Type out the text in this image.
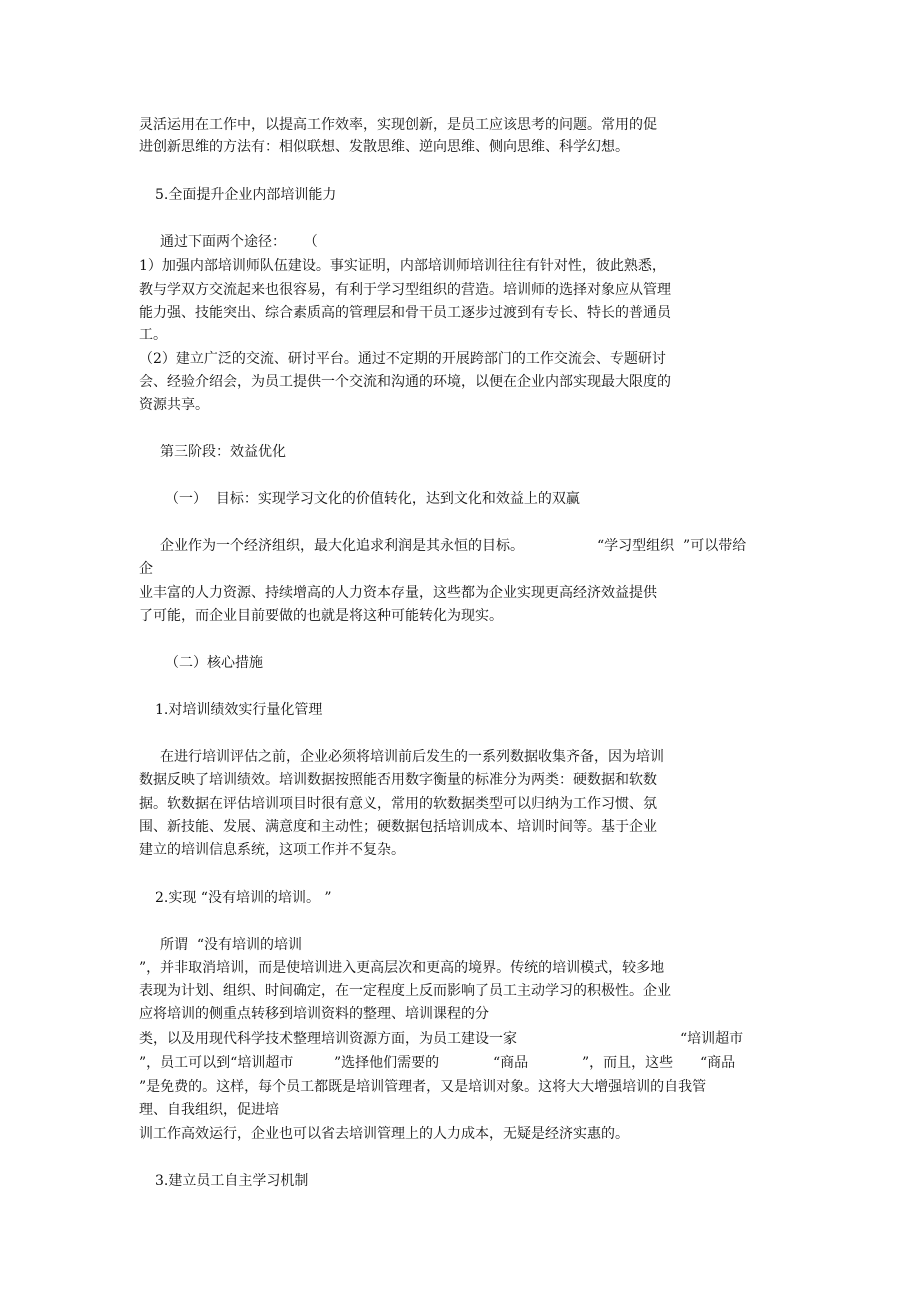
灵活运用在工作中，以提高工作效率，实现创新，是员工应该思考的问题。常用的促
进创新思维的方法有：相似联想、发散思维、逆向思维、侧向思维、科学幻想。
5.全面提升企业内部培训能力
通过下面两个途径：    （
1）加强内部培训师队伍建设。事实证明，内部培训师培训往往有针对性，彼此熟悉，
教与学双方交流起来也很容易，有利于学习型组织的营造。培训师的选择对象应从管理
能力强、技能突出、综合素质高的管理层和骨干员工逐步过渡到有专长、特长的普通员
工。
（2）建立广泛的交流、研讨平台。通过不定期的开展跨部门的工作交流会、专题研讨
会、经验介绍会，为员工提供一个交流和沟通的环境，以便在企业内部实现最大限度的
资源共享。
第三阶段：效益优化
（一）  目标：实现学习文化的价值转化，达到文化和效益上的双赢
企业作为一个经济组织，最大化追求利润是其永恒的目标。	“学习型组织  ”可以带给
企
业丰富的人力资源、持续增高的人力资本存量，这些都为企业实现更高经济效益提供
了可能，而企业目前要做的也就是将这种可能转化为现实。
（二）核心措施
1.对培训绩效实行量化管理
在进行培训评估之前，企业必须将培训前后发生的一系列数据收集齐备，因为培训
数据反映了培训绩效。培训数据按照能否用数字衡量的标准分为两类：硬数据和软数
据。软数据在评估培训项目时很有意义，常用的软数据类型可以归纳为工作习惯、氛
围、新技能、发展、满意度和主动性；硬数据包括培训成本、培训时间等。基于企业
建立的培训信息系统，这项工作并不复杂。
2.实现 “没有培训的培训。 ”
所谓  “没有培训的培训
”，并非取消培训，而是使培训进入更高层次和更高的境界。传统的培训模式，较多地
表现为计划、组织、时间确定，在一定程度上反而影响了员工主动学习的积极性。企业
应将培训的侧重点转移到培训资料的整理、培训课程的分
类，以及用现代科学技术整理培训资源方面，为员工建设一家	“培训超市
”，员工可以到“培训超市	”选择他们需要的	“商品	”，而且，这些 “商品
”是免费的。这样，每个员工都既是培训管理者，又是培训对象。这将大大增强培训的自我管
理、自我组织，促进培
训工作高效运行，企业也可以省去培训管理上的人力成本，无疑是经济实惠的。
3.建立员工自主学习机制
